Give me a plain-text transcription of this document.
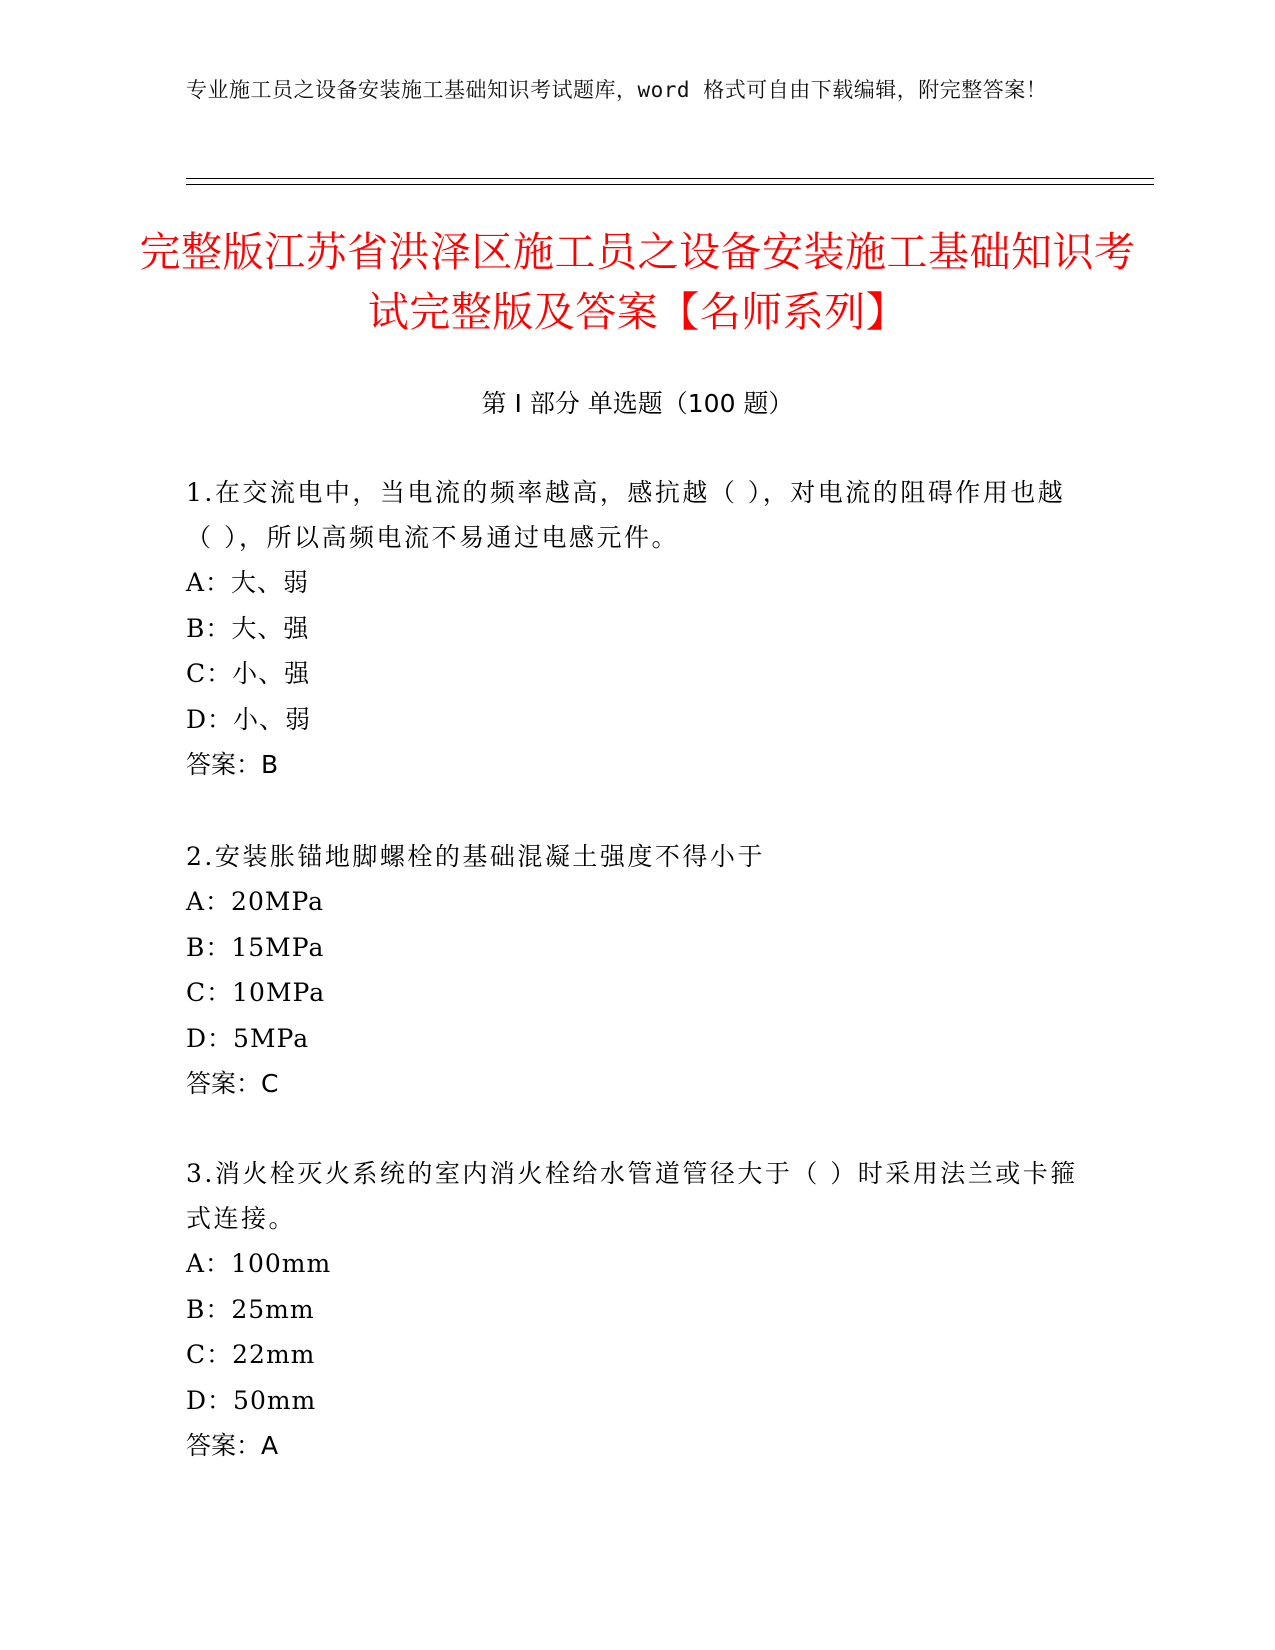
专业施工员之设备安装施工基础知识考试题库，word 格式可自由下载编辑，附完整答案！
完整版江苏省洪泽区施工员之设备安装施工基础知识考试完整版及答案【名师系列】
第 I 部分 单选题（100 题）

1.在交流电中，当电流的频率越高，感抗越（ ），对电流的阻碍作用也越（ ），所以高频电流不易通过电感元件。

A：大、弱

B：大、强

C：小、强

D：小、弱

答案：B

2.安装胀锚地脚螺栓的基础混凝土强度不得小于

A：20MPa

B：15MPa

C：10MPa

D：5MPa

答案：C

3.消火栓灭火系统的室内消火栓给水管道管径大于（ ）时采用法兰或卡箍式连接。

A：100mm

B：25mm

C：22mm

D：50mm

答案：A
